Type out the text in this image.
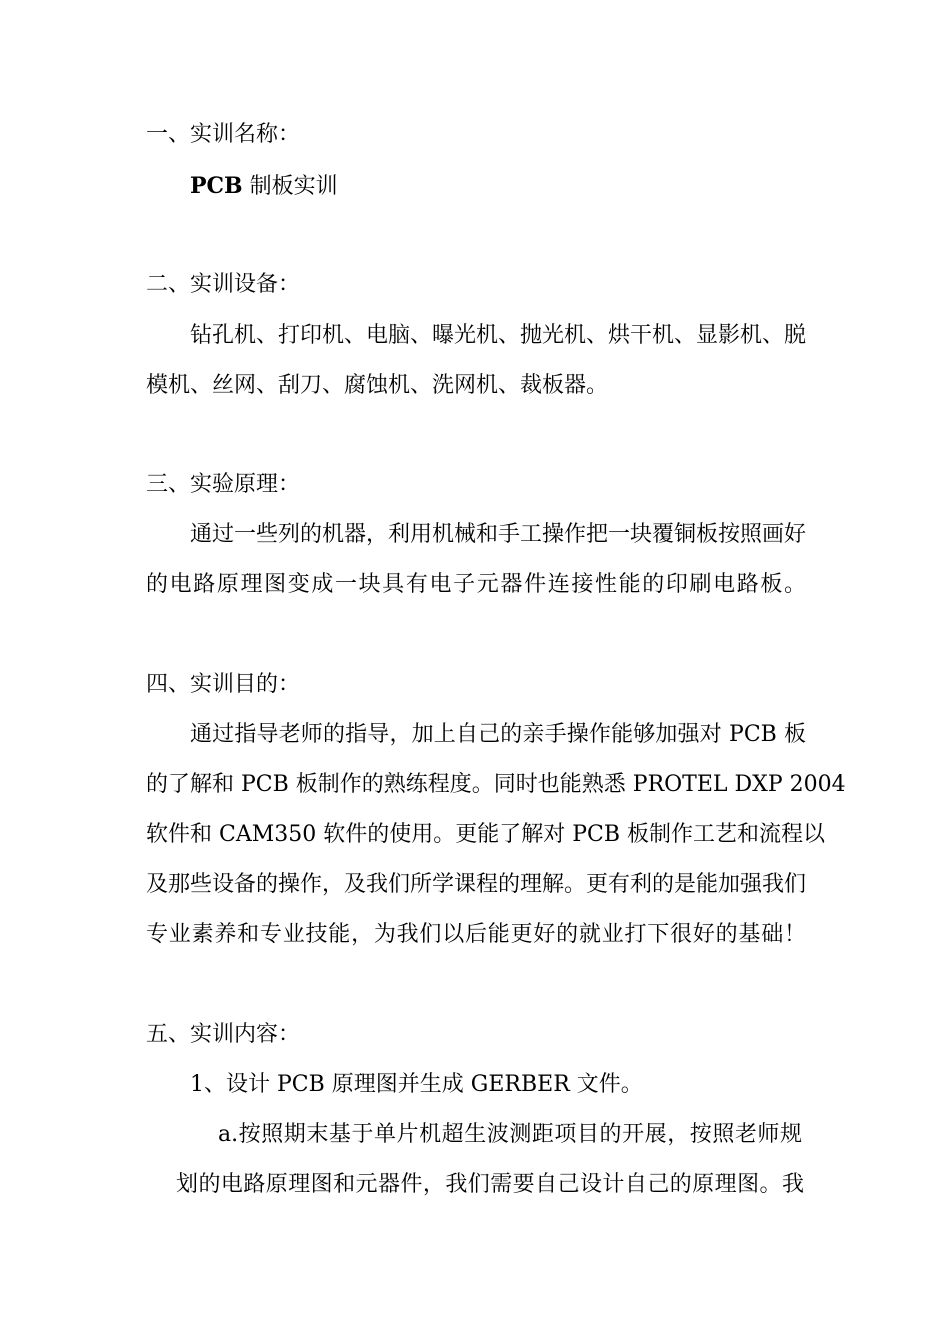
一、实训名称：
PCB 制板实训
二、实训设备：
钻孔机、打印机、电脑、曝光机、抛光机、烘干机、显影机、脱
模机、丝网、刮刀、腐蚀机、洗网机、裁板器。
三、实验原理：
通过一些列的机器，利用机械和手工操作把一块覆铜板按照画好
的电路原理图变成一块具有电子元器件连接性能的印刷电路板。
四、实训目的：
通过指导老师的指导，加上自己的亲手操作能够加强对 PCB 板
的了解和 PCB 板制作的熟练程度。同时也能熟悉 PROTEL DXP 2004
软件和 CAM350 软件的使用。更能了解对 PCB 板制作工艺和流程以
及那些设备的操作，及我们所学课程的理解。更有利的是能加强我们
专业素养和专业技能，为我们以后能更好的就业打下很好的基础！
五、实训内容：
1、设计 PCB 原理图并生成 GERBER 文件。
a.按照期末基于单片机超生波测距项目的开展，按照老师规
划的电路原理图和元器件，我们需要自己设计自己的原理图。我
